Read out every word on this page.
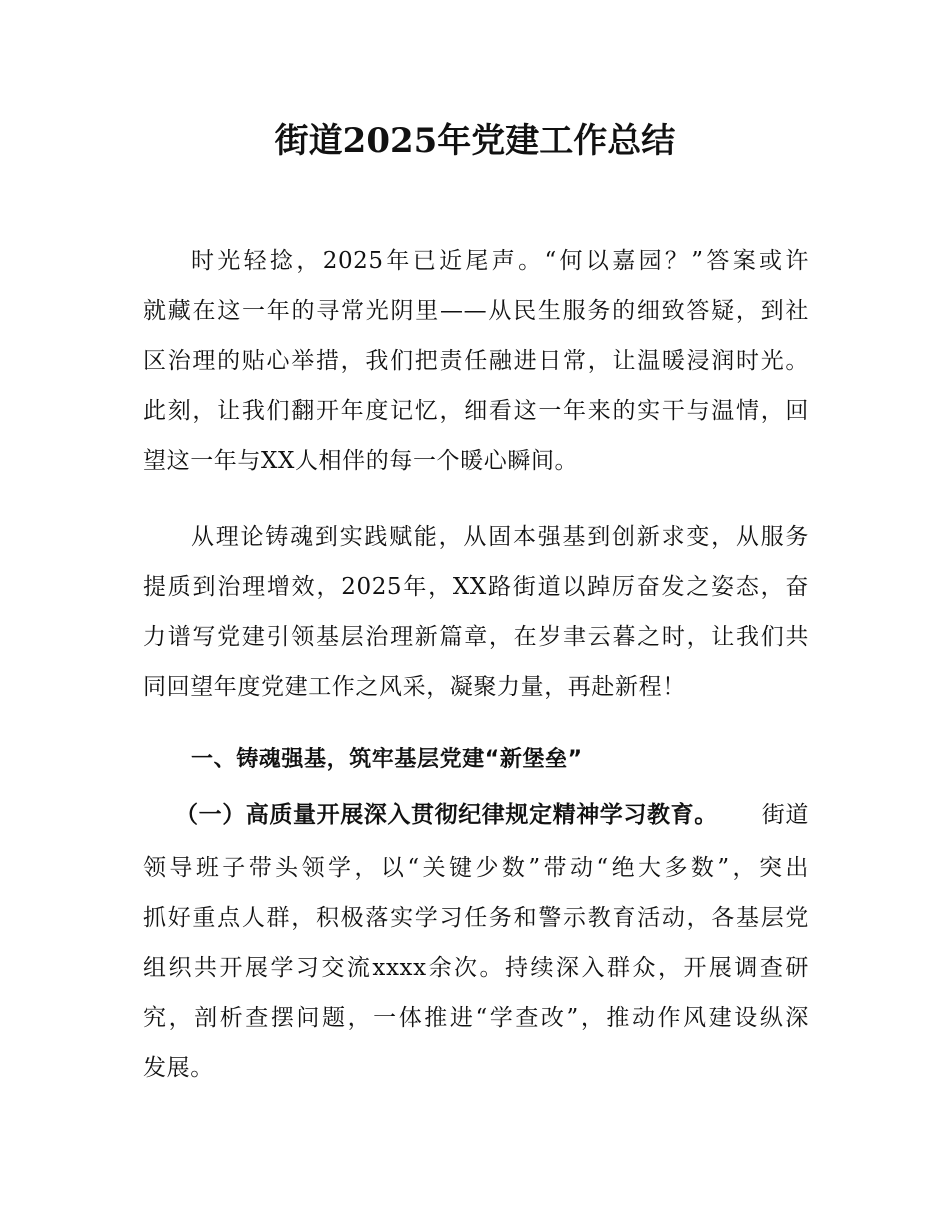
街道2025年党建工作总结
时光轻捻，2025年已近尾声。“何以嘉园？”答案或许
就藏在这一年的寻常光阴里——从民生服务的细致答疑，到社
区治理的贴心举措，我们把责任融进日常，让温暖浸润时光。
此刻，让我们翻开年度记忆，细看这一年来的实干与温情，回
望这一年与XX人相伴的每一个暖心瞬间。
从理论铸魂到实践赋能，从固本强基到创新求变，从服务
提质到治理增效，2025年，XX路街道以踔厉奋发之姿态，奋
力谱写党建引领基层治理新篇章，在岁聿云暮之时，让我们共
同回望年度党建工作之风采，凝聚力量，再赴新程！
一、铸魂强基，筑牢基层党建“新堡垒”
（一）高质量开展深入贯彻纪律规定精神学习教育。 街道
领导班子带头领学，以“关键少数”带动“绝大多数”，突出
抓好重点人群，积极落实学习任务和警示教育活动，各基层党
组织共开展学习交流xxxx余次。持续深入群众，开展调查研
究，剖析查摆问题，一体推进“学查改”，推动作风建设纵深
发展。
